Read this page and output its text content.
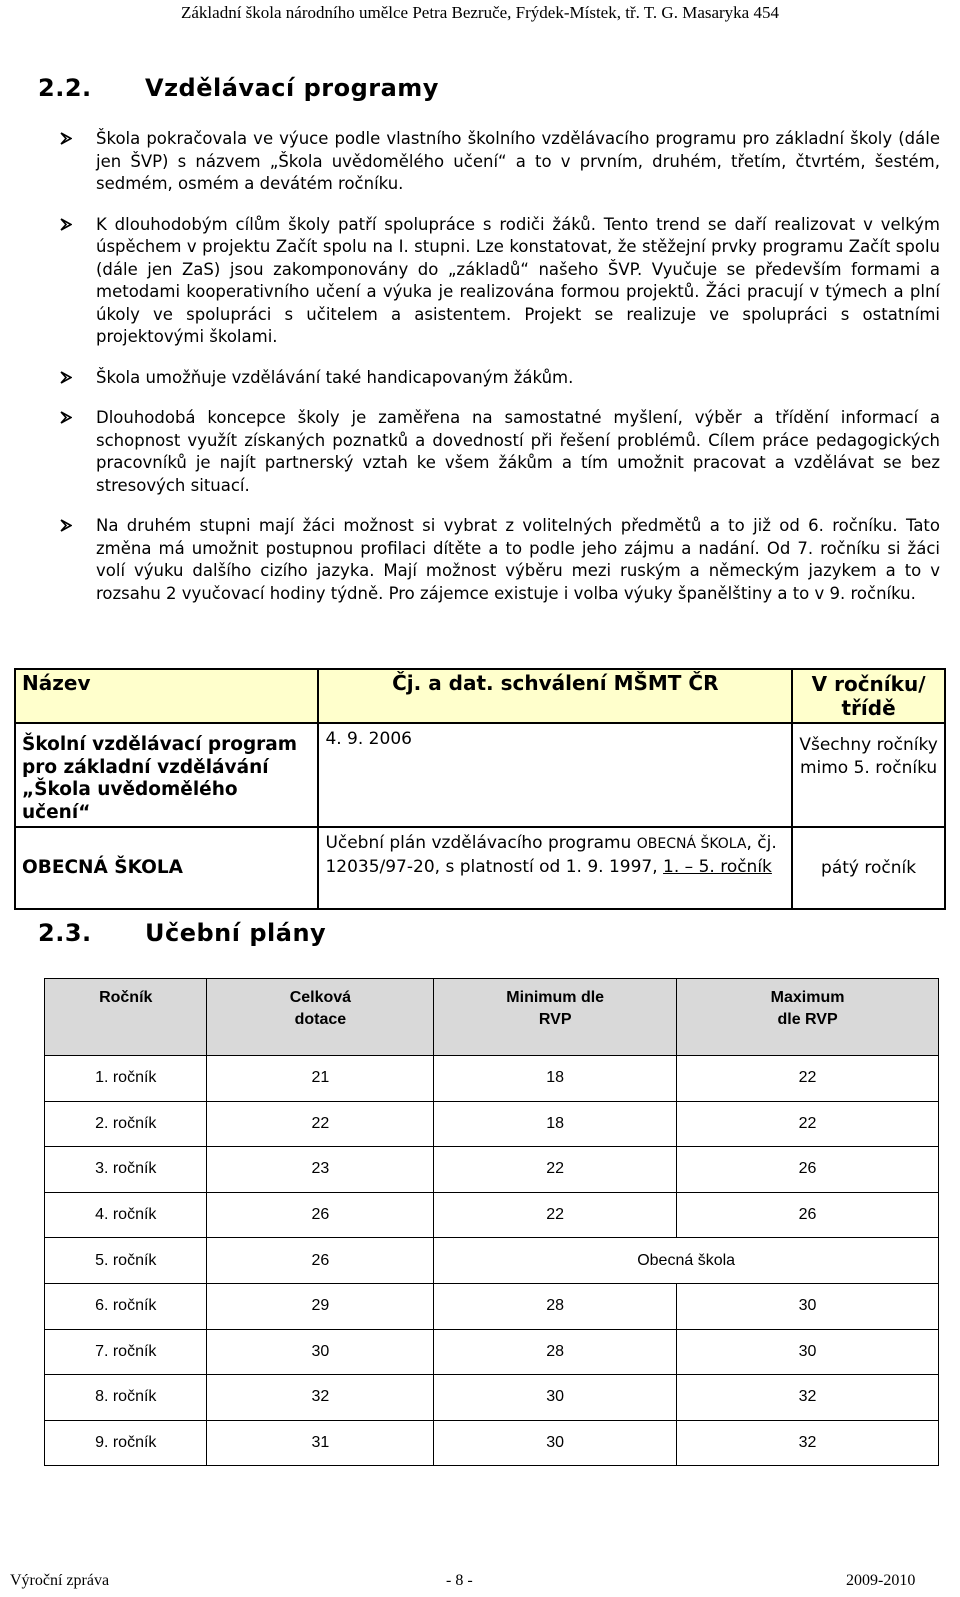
Základní škola národního umělce Petra Bezruče, Frýdek-Místek, tř. T. G. Masaryka 454
2.2. Vzdělávací programy

Škola pokračovala ve výuce podle vlastního školního vzdělávacího programu pro základní školy (dále jen ŠVP) s názvem „Škola uvědomělého učení“ a to v prvním, druhém, třetím, čtvrtém, šestém, sedmém, osmém a devátém ročníku.

K dlouhodobým cílům školy patří spolupráce s rodiči žáků. Tento trend se daří realizovat v velkým úspěchem v projektu Začít spolu na I. stupni. Lze konstatovat, že stěžejní prvky programu Začít spolu (dále jen ZaS) jsou zakomponovány do „základů“ našeho ŠVP. Vyučuje se především formami a metodami kooperativního učení a výuka je realizována formou projektů. Žáci pracují v týmech a plní úkoly ve spolupráci s učitelem a asistentem. Projekt se realizuje ve spolupráci s ostatními projektovými školami.

Škola umožňuje vzdělávání také handicapovaným žákům.

Dlouhodobá koncepce školy je zaměřena na samostatné myšlení, výběr a třídění informací a schopnost využít získaných poznatků a dovedností při řešení problémů. Cílem práce pedagogických pracovníků je najít partnerský vztah ke všem žákům a tím umožnit pracovat a vzdělávat se bez stresových situací.

Na druhém stupni mají žáci možnost si vybrat z volitelných předmětů a to již od 6. ročníku. Tato změna má umožnit postupnou profilaci dítěte a to podle jeho zájmu a nadání. Od 7. ročníku si žáci volí výuku dalšího cizího jazyka. Mají možnost výběru mezi ruským a německým jazykem a to v rozsahu 2 vyučovací hodiny týdně. Pro zájemce existuje i volba výuky španělštiny a to v 9. ročníku.

Název	Čj. a dat. schválení MŠMT ČR	V ročníku/ třídě
Školní vzdělávací program pro základní vzdělávání „Škola uvědomělého učení“	4. 9. 2006	Všechny ročníky mimo 5. ročníku
OBECNÁ ŠKOLA	Učební plán vzdělávacího programu OBECNÁ ŠKOLA, čj. 12035/97-20, s platností od 1. 9. 1997, 1. – 5. ročník	pátý ročník
2.3. Učební plány
Ročník	Celková dotace	Minimum dle RVP	Maximum dle RVP
1. ročník	21	18	22
2. ročník	22	18	22
3. ročník	23	22	26
4. ročník	26	22	26
5. ročník	26	Obecná škola	
6. ročník	29	28	30
7. ročník	30	28	30
8. ročník	32	30	32
9. ročník	31	30	32
Výroční zpráva	- 8 -	2009-2010
